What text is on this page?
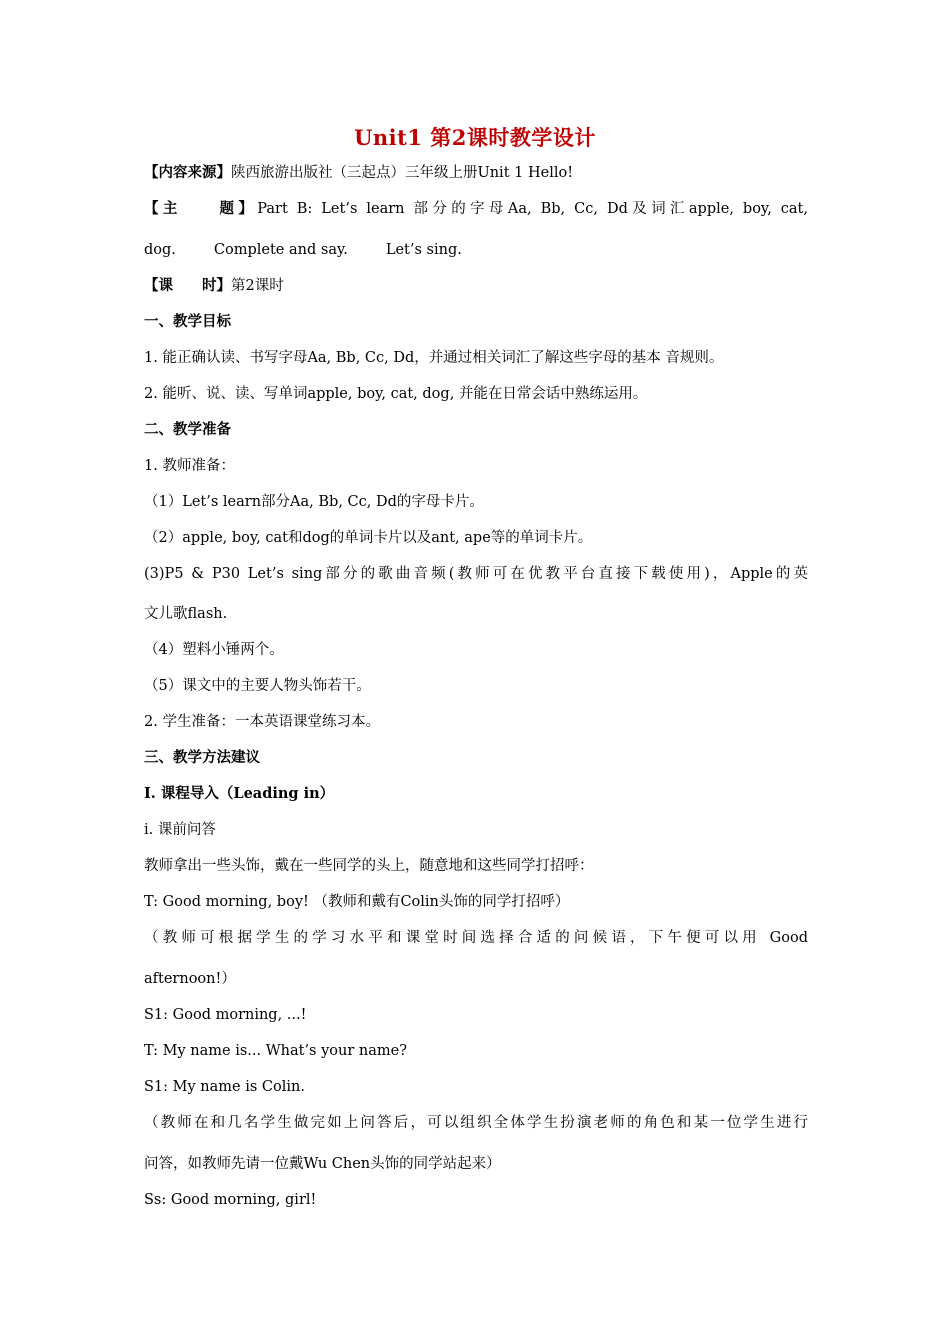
Unit1 第2课时教学设计
【内容来源】陕西旅游出版社（三起点）三年级上册Unit 1 Hello!
【主　　题】Part B: Let’s learn 部分的字母Aa, Bb, Cc, Dd及词汇apple, boy, cat,
dog.	Complete and say.	Let’s sing.
【课　　时】第2课时
一、教学目标
1. 能正确认读、书写字母Aa, Bb, Cc, Dd，并通过相关词汇了解这些字母的基本 音规则。
2. 能听、说、读、写单词apple, boy, cat, dog, 并能在日常会话中熟练运用。
二、教学准备
1. 教师准备：
（1）Let’s learn部分Aa, Bb, Cc, Dd的字母卡片。
（2）apple, boy, cat和dog的单词卡片以及ant, ape等的单词卡片。
(3)P5 & P30 Let’s sing部分的歌曲音频(教师可在优教平台直接下载使用)，Apple的英
文儿歌flash.
（4）塑料小锤两个。
（5）课文中的主要人物头饰若干。
2. 学生准备：一本英语课堂练习本。
三、教学方法建议
I. 课程导入（Leading in）
i. 课前问答
教师拿出一些头饰，戴在一些同学的头上，随意地和这些同学打招呼：
T: Good morning, boy! （教师和戴有Colin头饰的同学打招呼）
（教师可根据学生的学习水平和课堂时间选择合适的问候语，下午便可以用 Good
afternoon!）
S1: Good morning, ...!
T: My name is... What’s your name?
S1: My name is Colin.
（教师在和几名学生做完如上问答后，可以组织全体学生扮演老师的角色和某一位学生进行
问答，如教师先请一位戴Wu Chen头饰的同学站起来）
Ss: Good morning, girl!
